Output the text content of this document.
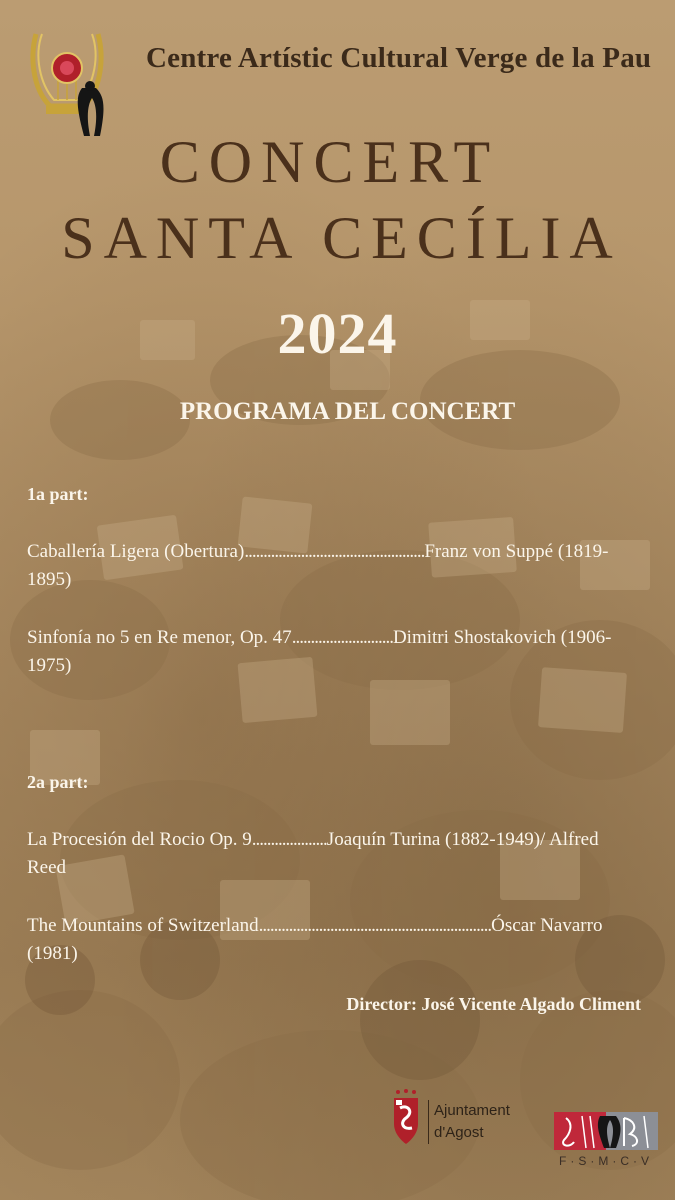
Centre Artístic Cultural Verge de la Pau
CONCERT
SANTA CECÍLIA
2024
PROGRAMA DEL CONCERT
1a part:
Caballería Ligera (Obertura)................................................Franz von Suppé (1819-
1895)
Sinfonía no 5 en Re menor, Op. 47...........................Dimitri Shostakovich (1906-
1975)
2a part:
La Procesión del Rocio Op. 9....................Joaquín Turina (1882-1949)/ Alfred
Reed
The Mountains of Switzerland..............................................................Óscar Navarro
(1981)
Director: José Vicente Algado Climent
Ajuntament
d'Agost
F·S·M·C·V
